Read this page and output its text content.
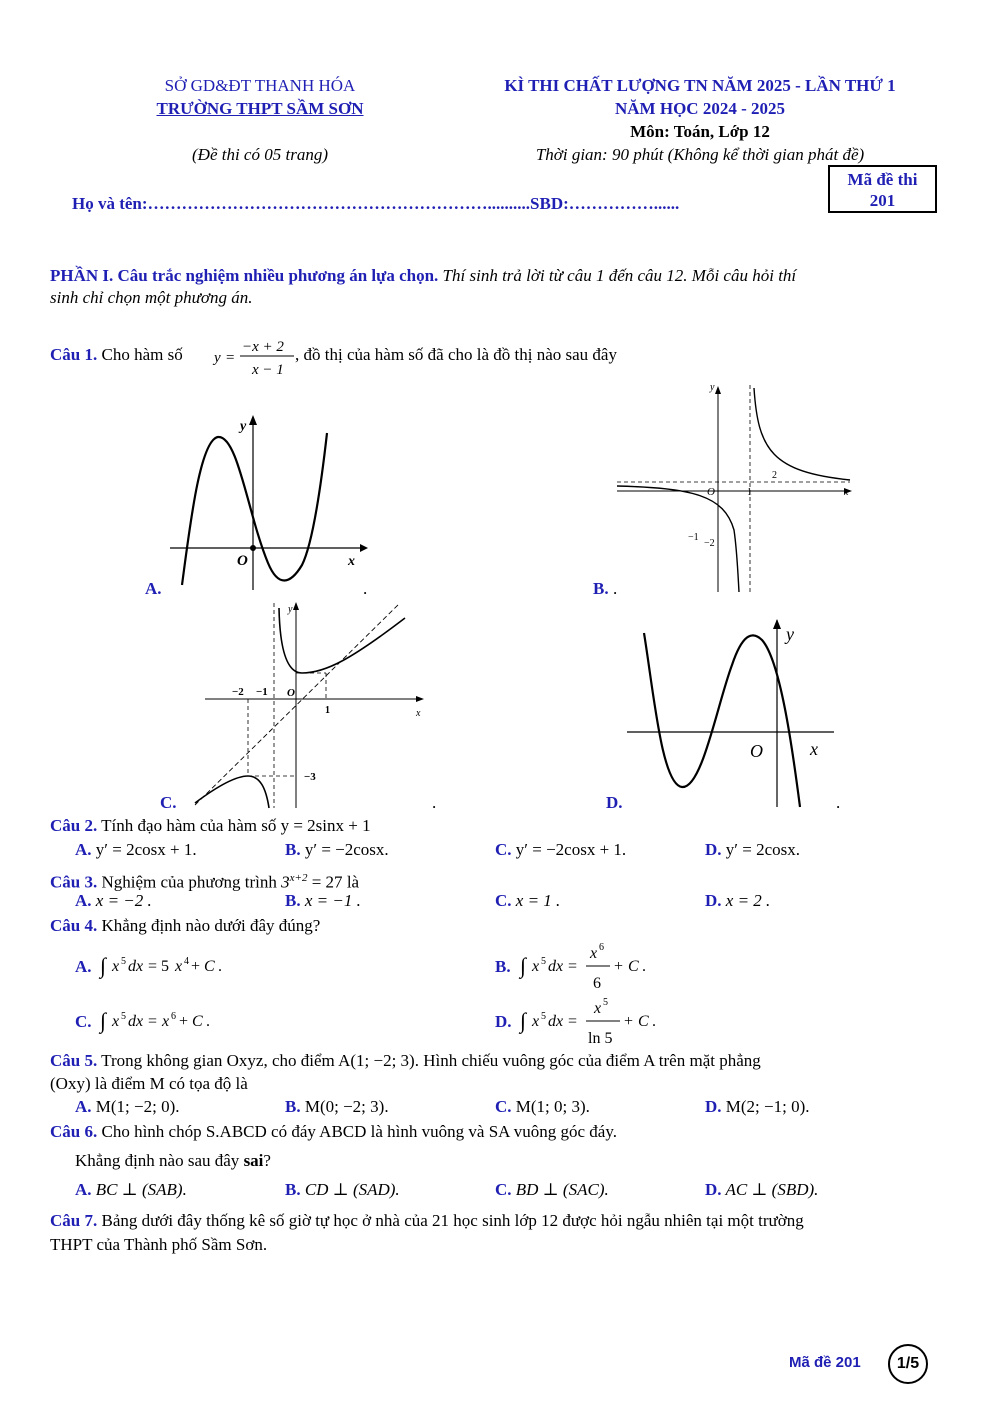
SỞ GD&ĐT THANH HÓA
TRƯỜNG THPT SẦM SƠN
(Đề thi có 05 trang)
KÌ THI CHẤT LƯỢNG TN NĂM 2025 - LẦN THỨ 1
NĂM HỌC 2024 - 2025
Môn: Toán, Lớp 12
Thời gian: 90 phút (Không kể thời gian phát đề)
Mã đề thi
201
Họ và tên:……………………………………………………..........SBD:……………......
PHẦN I. Câu trắc nghiệm nhiều phương án lựa chọn. Thí sinh trả lời từ câu 1 đến câu 12. Mỗi câu hỏi thí
sinh chỉ chọn một phương án.
Câu 1. Cho hàm số y =
−x + 2
x − 1
, đồ thị của hàm số đã cho là đồ thị nào sau đây
y
O	x
A.	.
y
O	x
1
2
−1
−2
B. .
y
O
x
−2 −1
1
−3
C.	.
y
O	x
D.	.
Câu 2. Tính đạo hàm của hàm số y = 2sinx + 1
A. y′ = 2cosx + 1.	B. y′ = −2cosx.	C. y′ = −2cosx + 1.	D. y′ = 2cosx.
Câu 3. Nghiệm của phương trình $3^{x+2} = 27$ là
A. x = −2 .	B. x = −1 .	C. x = 1 .	D. x = 2 .
Câu 4. Khẳng định nào dưới đây đúng?
A. ∫ x 5 dx = 5 x 4 + C .	B. ∫ x 5 dx =
x 6
6
+ C .
C. ∫ x 5 dx = x 6 + C .	D. ∫ x 5 dx =
x 5
ln 5
+ C .
Câu 5. Trong không gian Oxyz, cho điểm A(1; −2; 3). Hình chiếu vuông góc của điểm A trên mặt phẳng
(Oxy) là điểm M có tọa độ là
A. M(1; −2; 0).	B. M(0; −2; 3).	C. M(1; 0; 3).	D. M(2; −1; 0).
Câu 6. Cho hình chóp S.ABCD có đáy ABCD là hình vuông và SA vuông góc đáy.
Khẳng định nào sau đây sai?
A. BC ⊥ (SAB).	B. CD ⊥ (SAD).	C. BD ⊥ (SAC).	D. AC ⊥ (SBD).
Câu 7. Bảng dưới đây thống kê số giờ tự học ở nhà của 21 học sinh lớp 12 được hỏi ngẫu nhiên tại một trường
THPT của Thành phố Sầm Sơn.
Mã đề 201	1/5
